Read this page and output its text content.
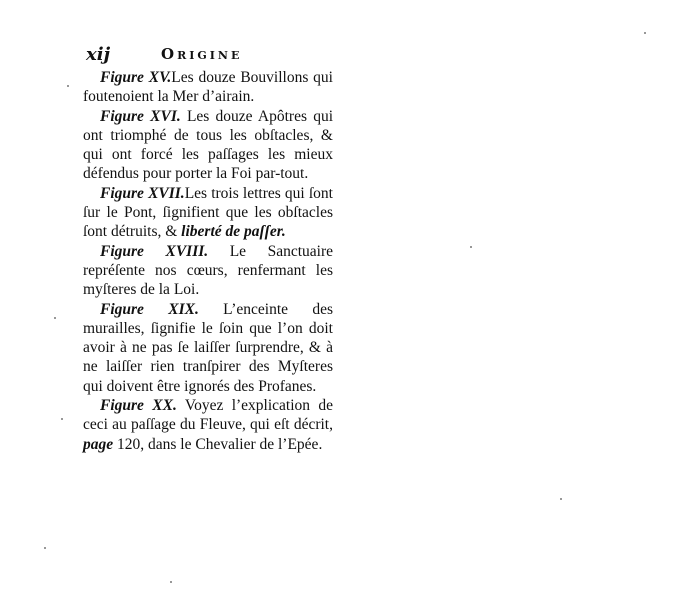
xij	Origine

Figure XV.Les douze Bouvillons qui foutenoient la Mer d’airain.

Figure XVI. Les douze Apôtres qui ont triomphé de tous les obſtacles, & qui ont forcé les paſſages les mieux défendus pour porter la Foi par-tout.

Figure XVII.Les trois lettres qui ſont ſur le Pont, ſignifient que les obſtacles ſont détruits, & liberté de paſſer.

Figure XVIII. Le Sanctuaire repréſente nos cœurs, renfermant les myſteres de la Loi.

Figure XIX. L’enceinte des murailles, ſignifie le ſoin que l’on doit avoir à ne pas ſe laiſſer ſurprendre, & à ne laiſſer rien tranſpirer des Myſteres qui doivent être ignorés des Profanes.

Figure XX. Voyez l’explication de ceci au paſſage du Fleuve, qui eſt décrit, page 120, dans le Chevalier de l’Epée.
